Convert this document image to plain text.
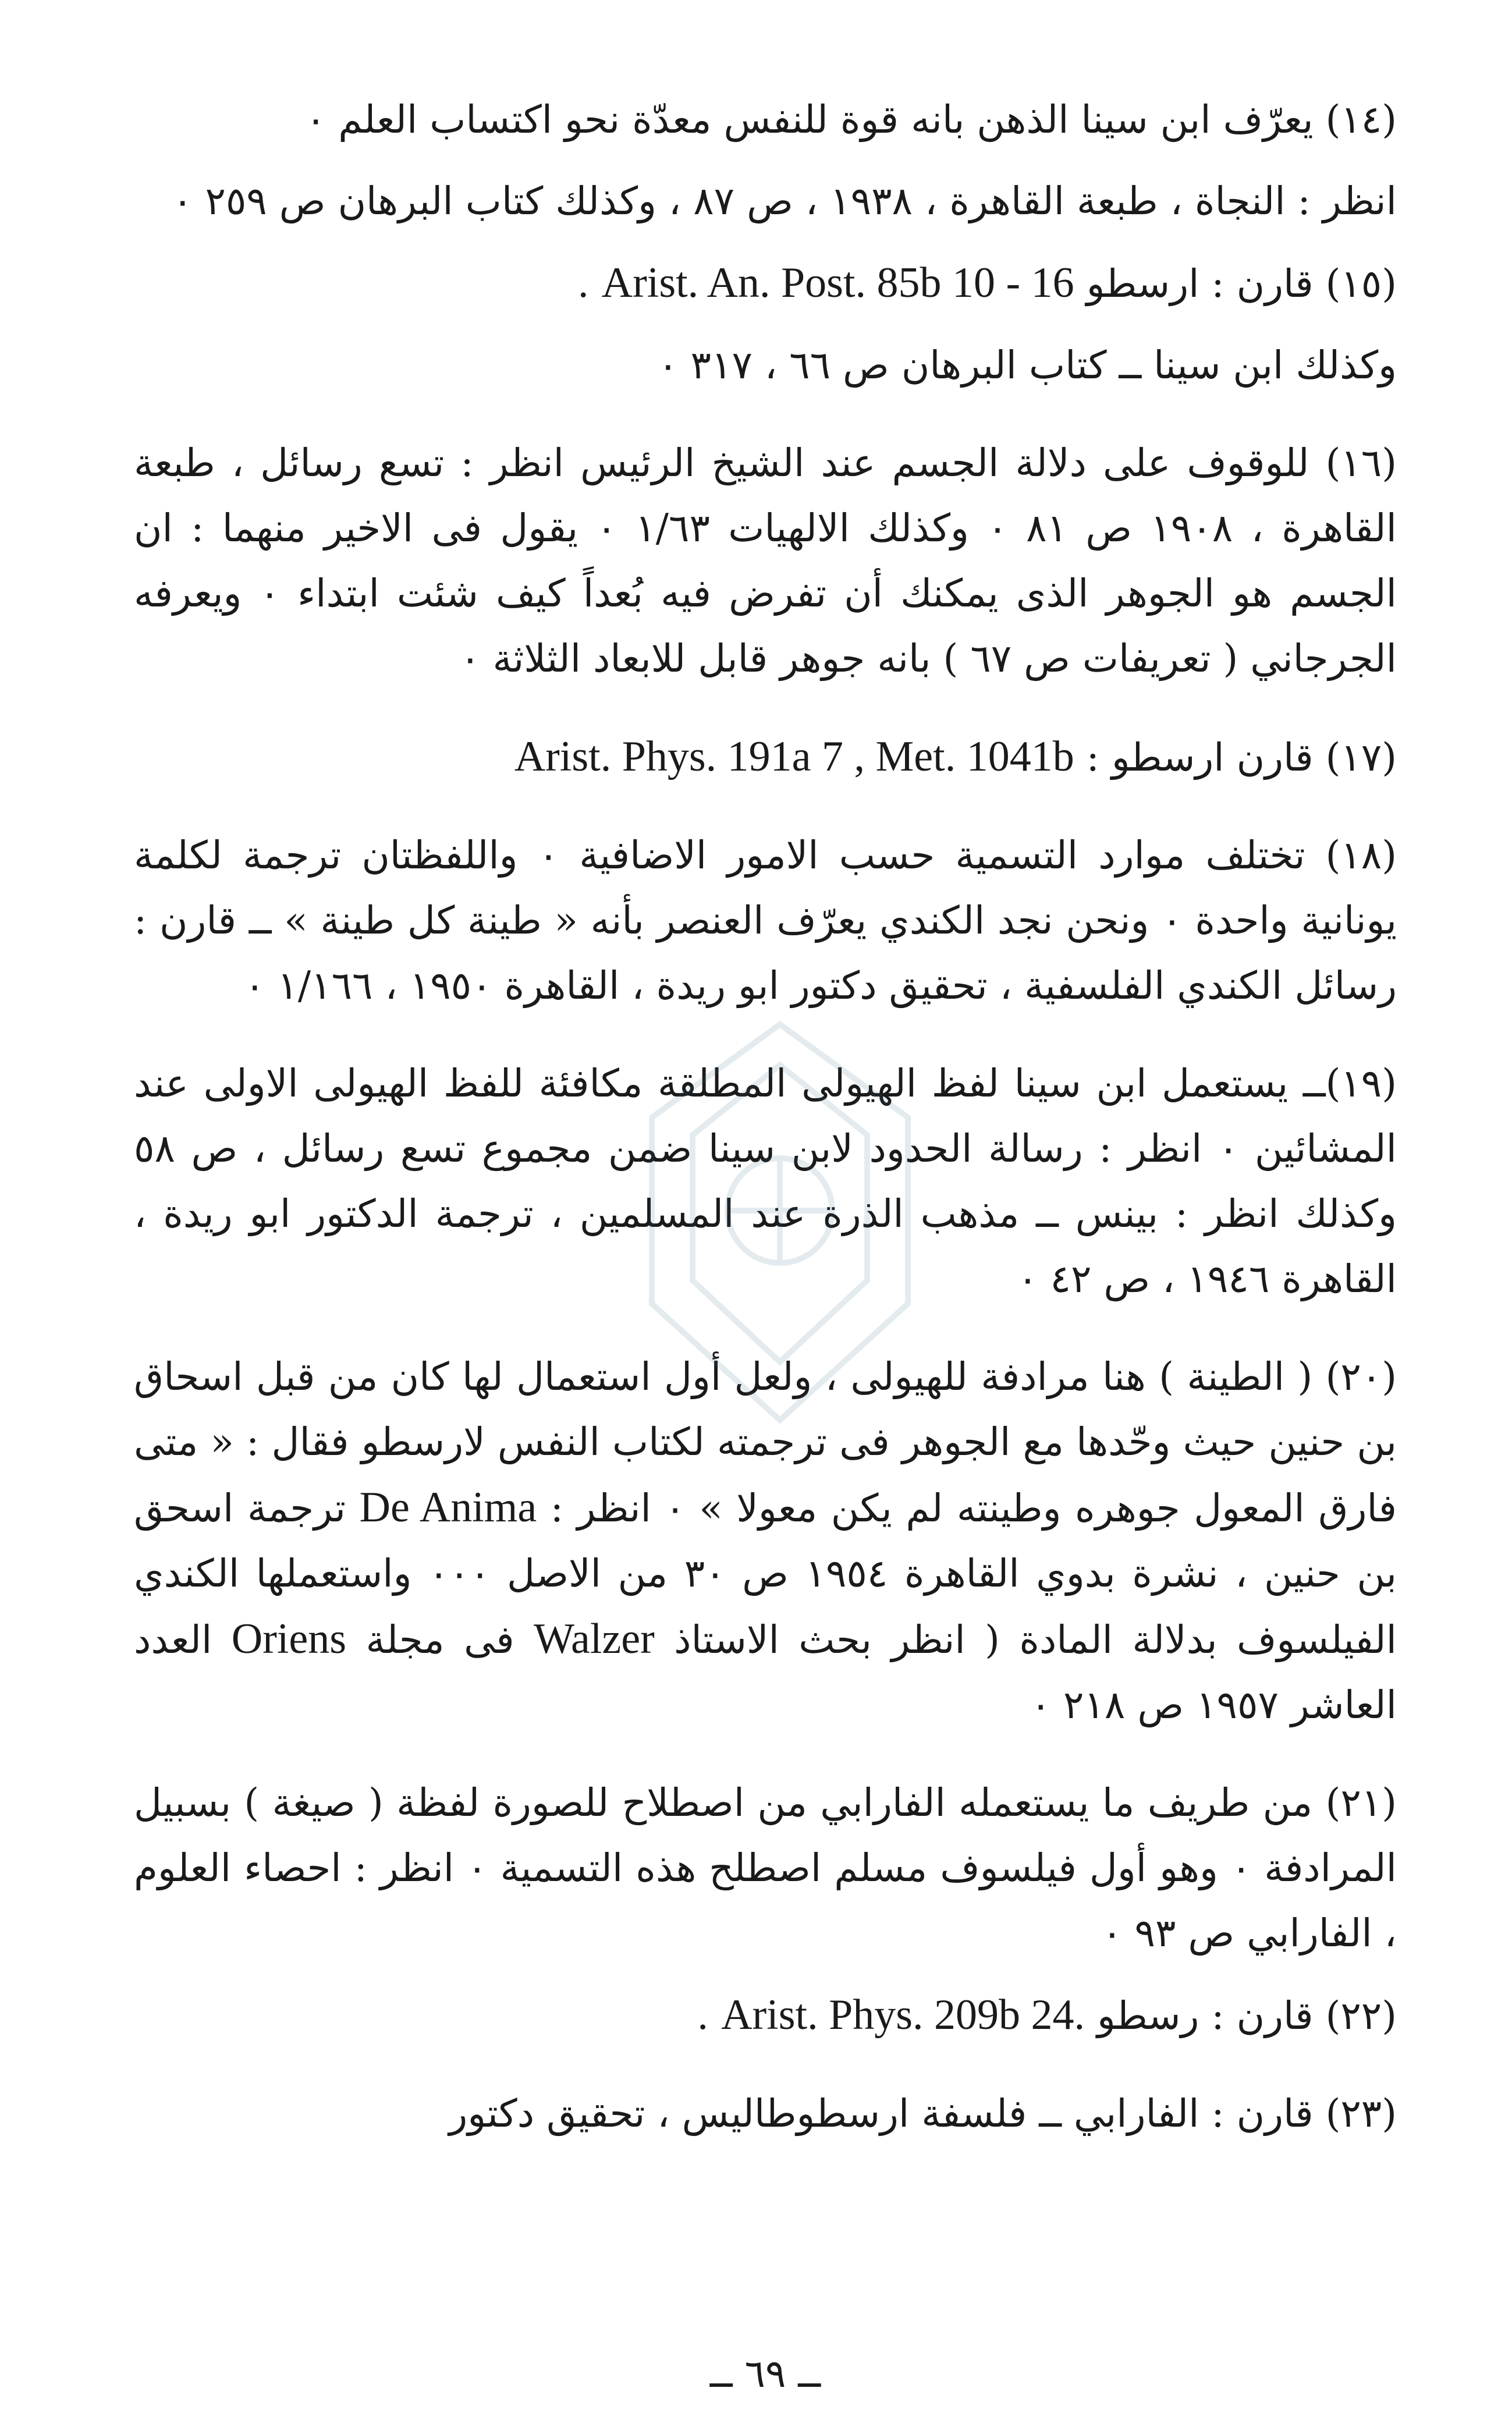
(١٤) يعرّف ابن سينا الذهن بانه قوة للنفس معدّة نحو اكتساب العلم ٠

انظر : النجاة ، طبعة القاهرة ، ١٩٣٨ ، ص ٨٧ ، وكذلك كتاب البرهان ص ٢٥٩ ٠

(١٥) قارن : ارسطو Arist. An. Post. 85b 10 - 16 .

وكذلك ابن سينا ــ كتاب البرهان ص ٦٦ ، ٣١٧ ٠

(١٦) للوقوف على دلالة الجسم عند الشيخ الرئيس انظر : تسع رسائل ، طبعة القاهرة ، ١٩٠٨ ص ٨١ ٠ وكذلك الالهيات ١/٦٣ ٠ يقول فى الاخير منهما : ان الجسم هو الجوهر الذى يمكنك أن تفرض فيه بُعداً كيف شئت ابتداء ٠ ويعرفه الجرجاني ( تعريفات ص ٦٧ ) بانه جوهر قابل للابعاد الثلاثة ٠

(١٧) قارن ارسطو : Arist. Phys. 191a 7 , Met. 1041b

(١٨) تختلف موارد التسمية حسب الامور الاضافية ٠ واللفظتان ترجمة لكلمة يونانية واحدة ٠ ونحن نجد الكندي يعرّف العنصر بأنه « طينة كل طينة » ــ قارن : رسائل الكندي الفلسفية ، تحقيق دكتور ابو ريدة ، القاهرة ١٩٥٠ ، ١/١٦٦ ٠

(١٩)ــ يستعمل ابن سينا لفظ الهيولى المطلقة مكافئة للفظ الهيولى الاولى عند المشائين ٠ انظر : رسالة الحدود لابن سينا ضمن مجموع تسع رسائل ، ص ٥٨ وكذلك انظر : بينس ــ مذهب الذرة عند المسلمين ، ترجمة الدكتور ابو ريدة ، القاهرة ١٩٤٦ ، ص ٤٢ ٠

(٢٠) ( الطينة ) هنا مرادفة للهيولى ، ولعل أول استعمال لها كان من قبل اسحاق بن حنين حيث وحّدها مع الجوهر فى ترجمته لكتاب النفس لارسطو فقال : « متى فارق المعول جوهره وطينته لم يكن معولا » ٠ انظر : De Anima ترجمة اسحق بن حنين ، نشرة بدوي القاهرة ١٩٥٤ ص ٣٠ من الاصل ٠٠٠ واستعملها الكندي الفيلسوف بدلالة المادة ( انظر بحث الاستاذ Walzer فى مجلة Oriens العدد العاشر ١٩٥٧ ص ٢١٨ ٠

(٢١) من طريف ما يستعمله الفارابي من اصطلاح للصورة لفظة ( صيغة ) بسبيل المرادفة ٠ وهو أول فيلسوف مسلم اصطلح هذه التسمية ٠ انظر : احصاء العلوم ، الفارابي ص ٩٣ ٠

(٢٢) قارن : رسطو Arist. Phys. 209b 24. .

(٢٣) قارن : الفارابي ــ فلسفة ارسطوطاليس ، تحقيق دكتور

ــ ٦٩ ــ
